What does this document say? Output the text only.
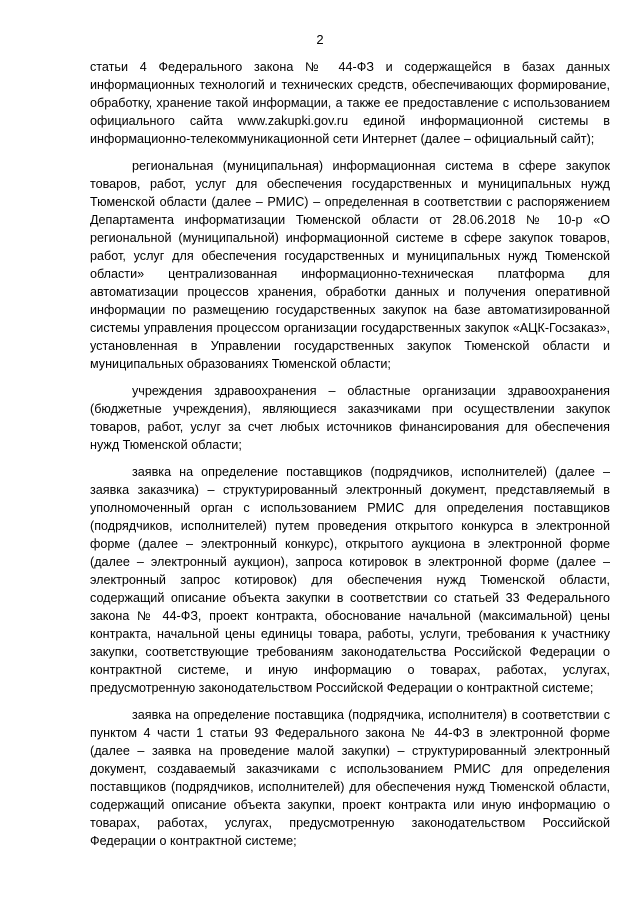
2

статьи 4 Федерального закона № 44-ФЗ и содержащейся в базах данных информационных технологий и технических средств, обеспечивающих формирование, обработку, хранение такой информации, а также ее предоставление с использованием официального сайта www.zakupki.gov.ru единой информационной системы в информационно-телекоммуникационной сети Интернет (далее – официальный сайт);

региональная (муниципальная) информационная система в сфере закупок товаров, работ, услуг для обеспечения государственных и муниципальных нужд Тюменской области (далее – РМИС) – определенная в соответствии с распоряжением Департамента информатизации Тюменской области от 28.06.2018 № 10-р «О региональной (муниципальной) информационной системе в сфере закупок товаров, работ, услуг для обеспечения государственных и муниципальных нужд Тюменской области» централизованная информационно-техническая платформа для автоматизации процессов хранения, обработки данных и получения оперативной информации по размещению государственных закупок на базе автоматизированной системы управления процессом организации государственных закупок «АЦК-Госзаказ», установленная в Управлении государственных закупок Тюменской области и муниципальных образованиях Тюменской области;

учреждения здравоохранения – областные организации здравоохранения (бюджетные учреждения), являющиеся заказчиками при осуществлении закупок товаров, работ, услуг за счет любых источников финансирования для обеспечения нужд Тюменской области;

заявка на определение поставщиков (подрядчиков, исполнителей) (далее – заявка заказчика) – структурированный электронный документ, представляемый в уполномоченный орган с использованием РМИС для определения поставщиков (подрядчиков, исполнителей) путем проведения открытого конкурса в электронной форме (далее – электронный конкурс), открытого аукциона в электронной форме (далее – электронный аукцион), запроса котировок в электронной форме (далее – электронный запрос котировок) для обеспечения нужд Тюменской области, содержащий описание объекта закупки в соответствии со статьей 33 Федерального закона № 44-ФЗ, проект контракта, обоснование начальной (максимальной) цены контракта, начальной цены единицы товара, работы, услуги, требования к участнику закупки, соответствующие требованиям законодательства Российской Федерации о контрактной системе, и иную информацию о товарах, работах, услугах, предусмотренную законодательством Российской Федерации о контрактной системе;

заявка на определение поставщика (подрядчика, исполнителя) в соответствии с пунктом 4 части 1 статьи 93 Федерального закона № 44-ФЗ в электронной форме (далее – заявка на проведение малой закупки) – структурированный электронный документ, создаваемый заказчиками с использованием РМИС для определения поставщиков (подрядчиков, исполнителей) для обеспечения нужд Тюменской области, содержащий описание объекта закупки, проект контракта или иную информацию о товарах, работах, услугах, предусмотренную законодательством Российской Федерации о контрактной системе;
